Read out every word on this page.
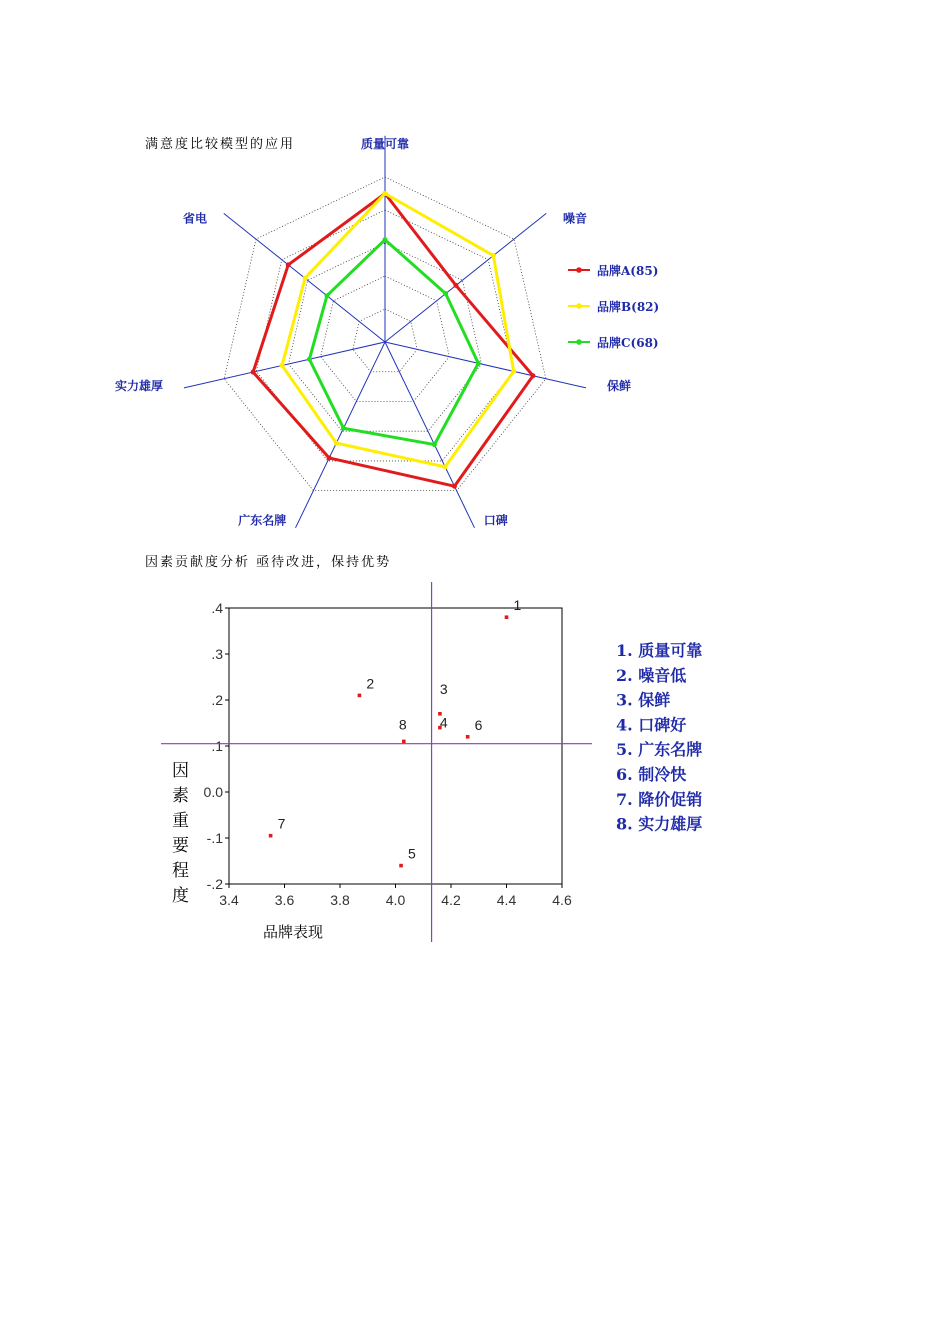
满意度比较模型的应用
因素贡献度分析 亟待改进，保持优势
质量可靠
噪音
保鲜
口碑
广东名牌
实力雄厚
省电
品牌A(85)
品牌B(82)
品牌C(68)
.4
.3
.2
.1
0.0
-.1
-.2
3.4	3.6	3.8	4.0	4.2	4.4	4.6
1
2	3
4
5
6
7
8
因
素
重
要
程
度
品牌表现
1. 质量可靠
2. 噪音低
3. 保鲜
4. 口碑好
5. 广东名牌
6. 制冷快
7. 降价促销
8. 实力雄厚
